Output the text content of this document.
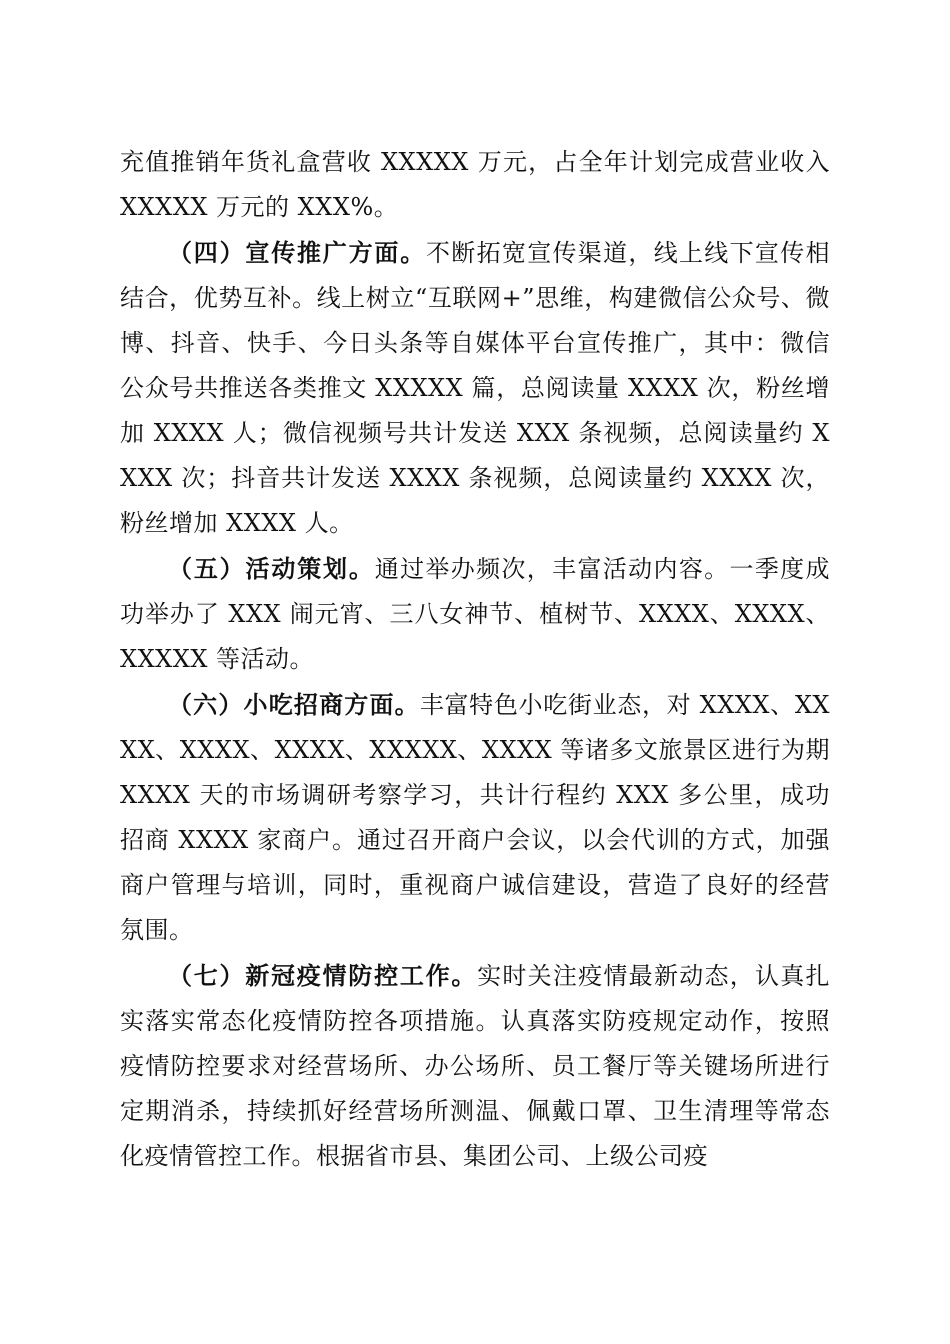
充值推销年货礼盒营收 XXXXX 万元，占全年计划完成营业收入 XXXXX 万元的 XXX%。

（四）宣传推广方面。不断拓宽宣传渠道，线上线下宣传相结合，优势互补。线上树立“互联网+”思维，构建微信公众号、微博、抖音、快手、今日头条等自媒体平台宣传推广，其中：微信公众号共推送各类推文 XXXXX 篇，总阅读量 XXXX 次，粉丝增加 XXXX 人；微信视频号共计发送 XXX 条视频，总阅读量约 XXXX 次；抖音共计发送 XXXX 条视频，总阅读量约 XXXX 次，粉丝增加 XXXX 人。

（五）活动策划。通过举办频次，丰富活动内容。一季度成功举办了 XXX 闹元宵、三八女神节、植树节、XXXX、XXXX、XXXXX 等活动。

（六）小吃招商方面。丰富特色小吃街业态，对 XXXX、XXXX、XXXX、XXXX、XXXXX、XXXX 等诸多文旅景区进行为期 XXXX 天的市场调研考察学习，共计行程约 XXX 多公里，成功招商 XXXX 家商户。通过召开商户会议，以会代训的方式，加强商户管理与培训，同时，重视商户诚信建设，营造了良好的经营氛围。

（七）新冠疫情防控工作。实时关注疫情最新动态，认真扎实落实常态化疫情防控各项措施。认真落实防疫规定动作，按照疫情防控要求对经营场所、办公场所、员工餐厅等关键场所进行定期消杀，持续抓好经营场所测温、佩戴口罩、卫生清理等常态化疫情管控工作。根据省市县、集团公司、上级公司疫
